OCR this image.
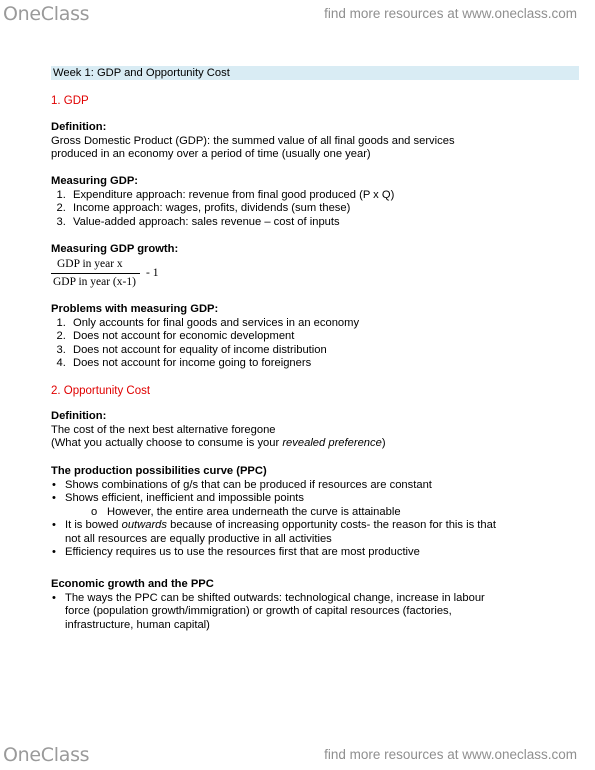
OneClass	find more resources at www.oneclass.com
Week 1: GDP and Opportunity Cost
1. GDP
Definition:
Gross Domestic Product (GDP): the summed value of all final goods and services
produced in an economy over a period of time (usually one year)
Measuring GDP:
1. Expenditure approach: revenue from final good produced (P x Q)
2. Income approach: wages, profits, dividends (sum these)
3. Value-added approach: sales revenue – cost of inputs
Measuring GDP growth:
GDP in year x
GDP in year (x-1)
- 1
Problems with measuring GDP:
1. Only accounts for final goods and services in an economy
2. Does not account for economic development
3. Does not account for equality of income distribution
4. Does not account for income going to foreigners
2. Opportunity Cost
Definition:
The cost of the next best alternative foregone
(What you actually choose to consume is your revealed preference)
The production possibilities curve (PPC)
• Shows combinations of g/s that can be produced if resources are constant
• Shows efficient, inefficient and impossible points
o However, the entire area underneath the curve is attainable
• It is bowed outwards because of increasing opportunity costs- the reason for this is that
not all resources are equally productive in all activities
• Efficiency requires us to use the resources first that are most productive
Economic growth and the PPC
• The ways the PPC can be shifted outwards: technological change, increase in labour
force (population growth/immigration) or growth of capital resources (factories,
infrastructure, human capital)
OneClass	find more resources at www.oneclass.com
